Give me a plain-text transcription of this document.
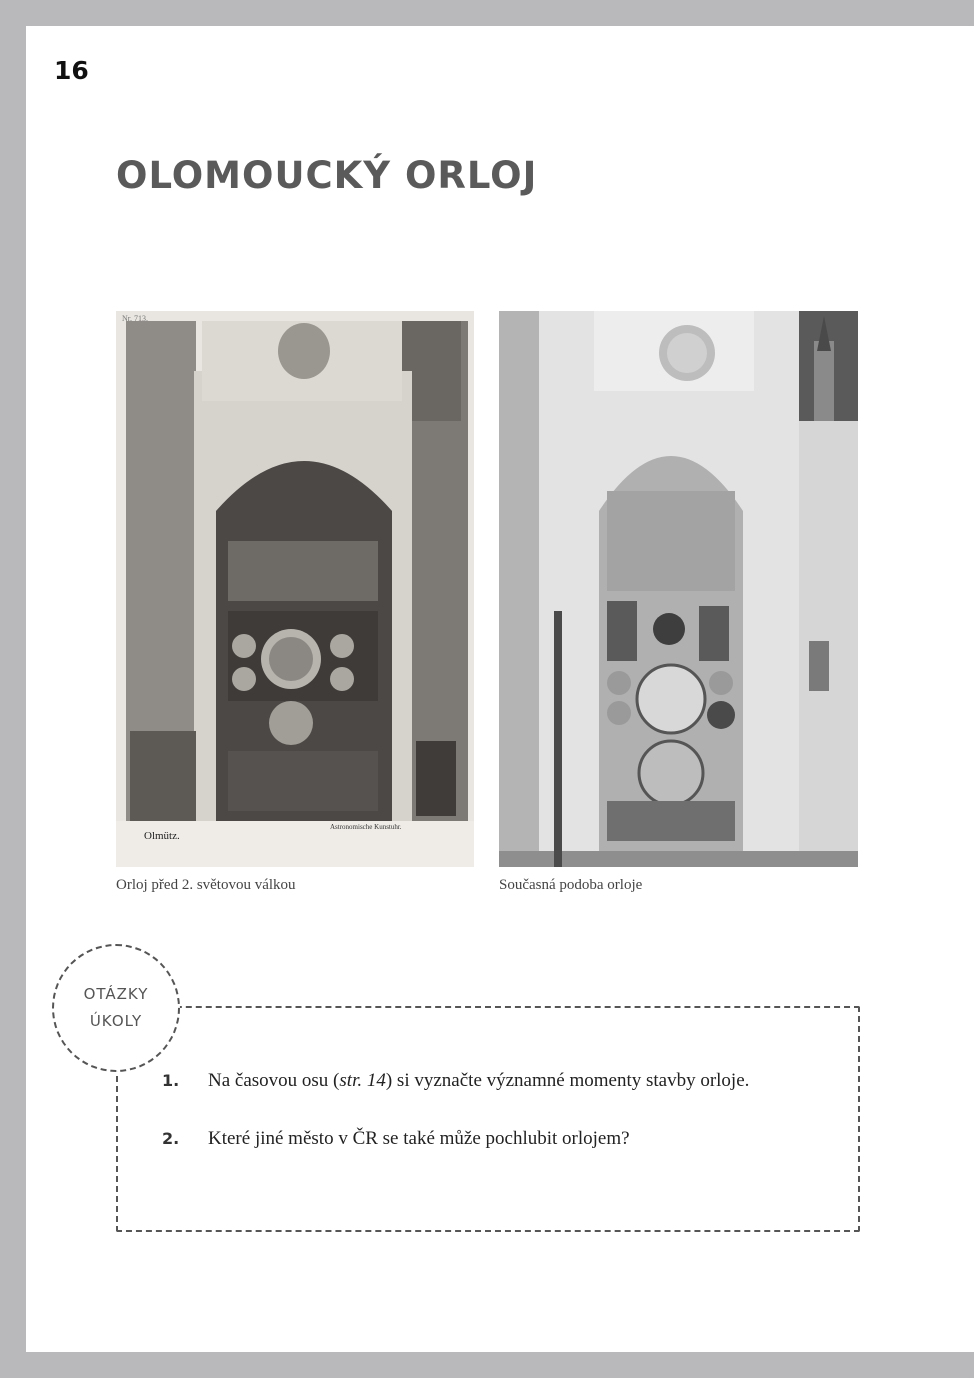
16
OLOMOUCKÝ ORLOJ
Nr. 713.
Olmütz.
Astronomische Kunstuhr.
Orloj před 2. světovou válkou	Současná podoba orloje
OTÁZKY
ÚKOLY
1.	Na časovou osu (str. 14) si vyznačte významné momenty stavby orloje.
2.	Které jiné město v ČR se také může pochlubit orlojem?
